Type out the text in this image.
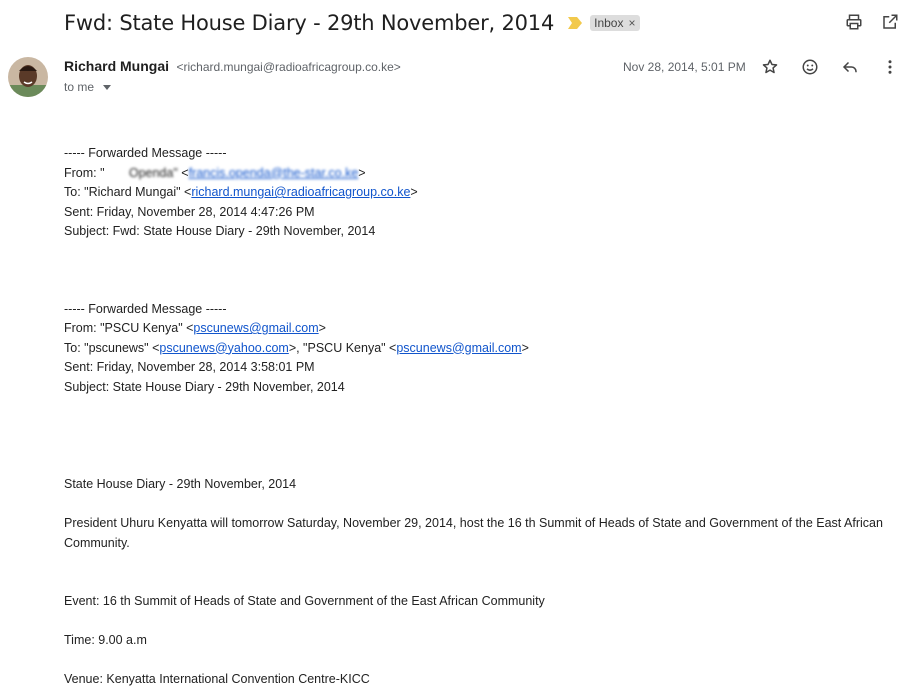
Fwd: State House Diary - 29th November, 2014	Inbox ×
Richard Mungai <richard.mungai@radioafricagroup.co.ke>
to me
Nov 28, 2014, 5:01 PM

----- Forwarded Message -----

From: "       Openda" <francis.openda@the-star.co.ke>

To: "Richard Mungai" <richard.mungai@radioafricagroup.co.ke>

Sent: Friday, November 28, 2014 4:47:26 PM

Subject: Fwd: State House Diary - 29th November, 2014

----- Forwarded Message -----

From: "PSCU Kenya" <pscunews@gmail.com>

To: "pscunews" <pscunews@yahoo.com>, "PSCU Kenya" <pscunews@gmail.com>

Sent: Friday, November 28, 2014 3:58:01 PM

Subject: State House Diary - 29th November, 2014

State House Diary - 29th November, 2014

President Uhuru Kenyatta will tomorrow Saturday, November 29, 2014, host the 16 th Summit of Heads of State and Government of the East African Community.

Event: 16 th Summit of Heads of State and Government of the East African Community

Time: 9.00 a.m

Venue: Kenyatta International Convention Centre-KICC
